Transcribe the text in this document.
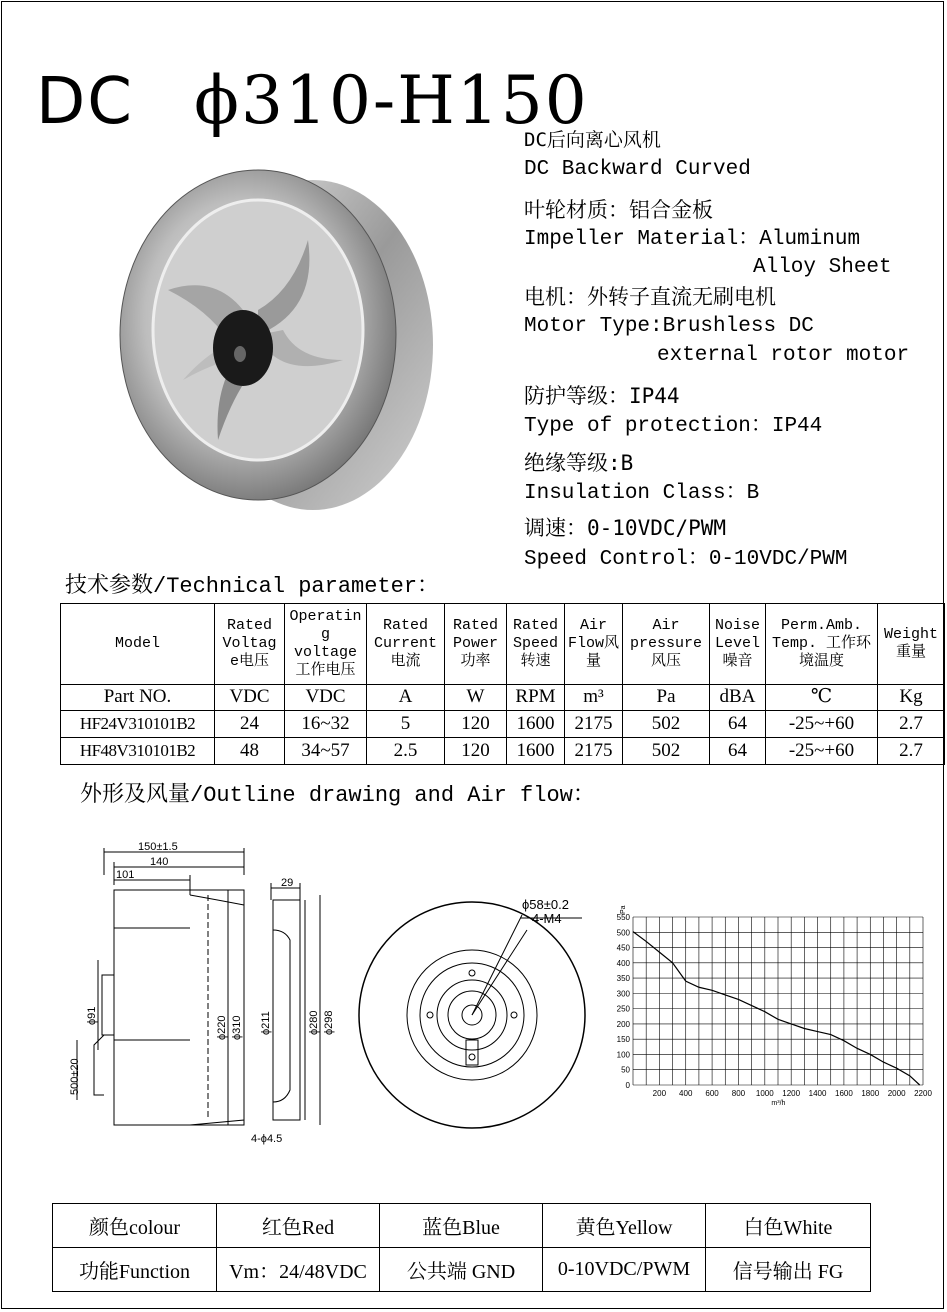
DC ϕ310-H150
DC后向离心风机
DC Backward Curved
叶轮材质：铝合金板
Impeller Material：Aluminum
Alloy Sheet
电机：外转子直流无刷电机
Motor Type:Brushless DC
external rotor motor
防护等级：IP44
Type of protection：IP44
绝缘等级:B
Insulation Class：B
调速：0-10VDC/PWM
Speed Control：0-10VDC/PWM
技术参数/Technical parameter：
Model	Rated Voltag e电压	Operatin g voltage 工作电压	Rated Current 电流	Rated Power 功率	Rated Speed 转速	Air Flow风 量	Air pressure 风压	Noise Level 噪音	Perm.Amb. Temp. 工作环境温度	Weight 重量
Part NO.	VDC	VDC	A	W	RPM	m³	Pa	dBA	℃	Kg
HF24V310101B2	24	16~32	5	120	1600	2175	502	64	-25~+60	2.7
HF48V310101B2	48	34~57	2.5	120	1600	2175	502	64	-25~+60	2.7
外形及风量/Outline drawing and Air flow：
150±1.5
140
101
ϕ91
500±20
ϕ220 ϕ310
29
ϕ211	ϕ280 ϕ298
4-ϕ4.5
ϕ58±0.2
4-M4
0
50
100
150
200
250
300
350
400
450
500
550
200 400 600 800 1000 1200 1400 1600 1800 2000 2200
Pa
m³/h
颜色colour	红色Red	蓝色Blue	黄色Yellow	白色White
功能Function	Vm：24/48VDC	公共端 GND	0-10VDC/PWM	信号输出 FG
